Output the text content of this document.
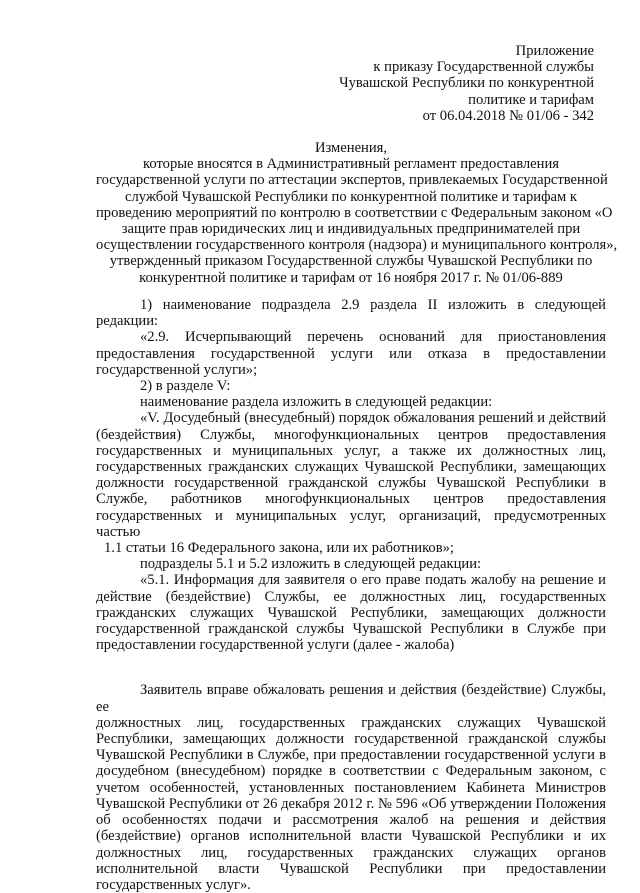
Приложение
к приказу Государственной службы
Чувашской Республики по конкурентной
политике и тарифам
от 06.04.2018 № 01/06 - 342
Изменения,
которые вносятся в Административный регламент предоставления
государственной услуги по аттестации экспертов, привлекаемых Государственной
службой Чувашской Республики по конкурентной политике и тарифам к
проведению мероприятий по контролю в соответствии с Федеральным законом «О
защите прав юридических лиц и индивидуальных предпринимателей при
осуществлении государственного контроля (надзора) и муниципального контроля»,
утвержденный приказом Государственной службы Чувашской Республики по
конкурентной политике и тарифам от 16 ноября 2017 г. № 01/06-889
1) наименование подраздела 2.9 раздела II изложить в следующей редакции:
«2.9. Исчерпывающий перечень оснований для приостановления
предоставления государственной услуги или отказа в предоставлении
государственной услуги»;
2) в разделе V:
наименование раздела изложить в следующей редакции:
«V. Досудебный (внесудебный) порядок обжалования решений и действий
(бездействия) Службы, многофункциональных центров предоставления
государственных и муниципальных услуг, а также их должностных лиц,
государственных гражданских служащих Чувашской Республики, замещающих
должности государственной гражданской службы Чувашской Республики в
Службе, работников многофункциональных центров предоставления
государственных и муниципальных услуг, организаций, предусмотренных частью
1.1 статьи 16 Федерального закона, или их работников»;
подразделы 5.1 и 5.2 изложить в следующей редакции:
«5.1. Информация для заявителя о его праве подать жалобу на решение и
действие (бездействие) Службы, ее должностных лиц, государственных
гражданских служащих Чувашской Республики, замещающих должности
государственной гражданской службы Чувашской Республики в Службе при
предоставлении государственной услуги (далее - жалоба)
Заявитель вправе обжаловать решения и действия (бездействие) Службы, ее
должностных лиц, государственных гражданских служащих Чувашской
Республики, замещающих должности государственной гражданской службы
Чувашской Республики в Службе, при предоставлении государственной услуги в
досудебном (внесудебном) порядке в соответствии с Федеральным законом, с
учетом особенностей, установленных постановлением Кабинета Министров
Чувашской Республики от 26 декабря 2012 г. № 596 «Об утверждении Положения
об особенностях подачи и рассмотрения жалоб на решения и действия
(бездействие) органов исполнительной власти Чувашской Республики и их
должностных лиц, государственных гражданских служащих органов
исполнительной власти Чувашской Республики при предоставлении
государственных услуг».
